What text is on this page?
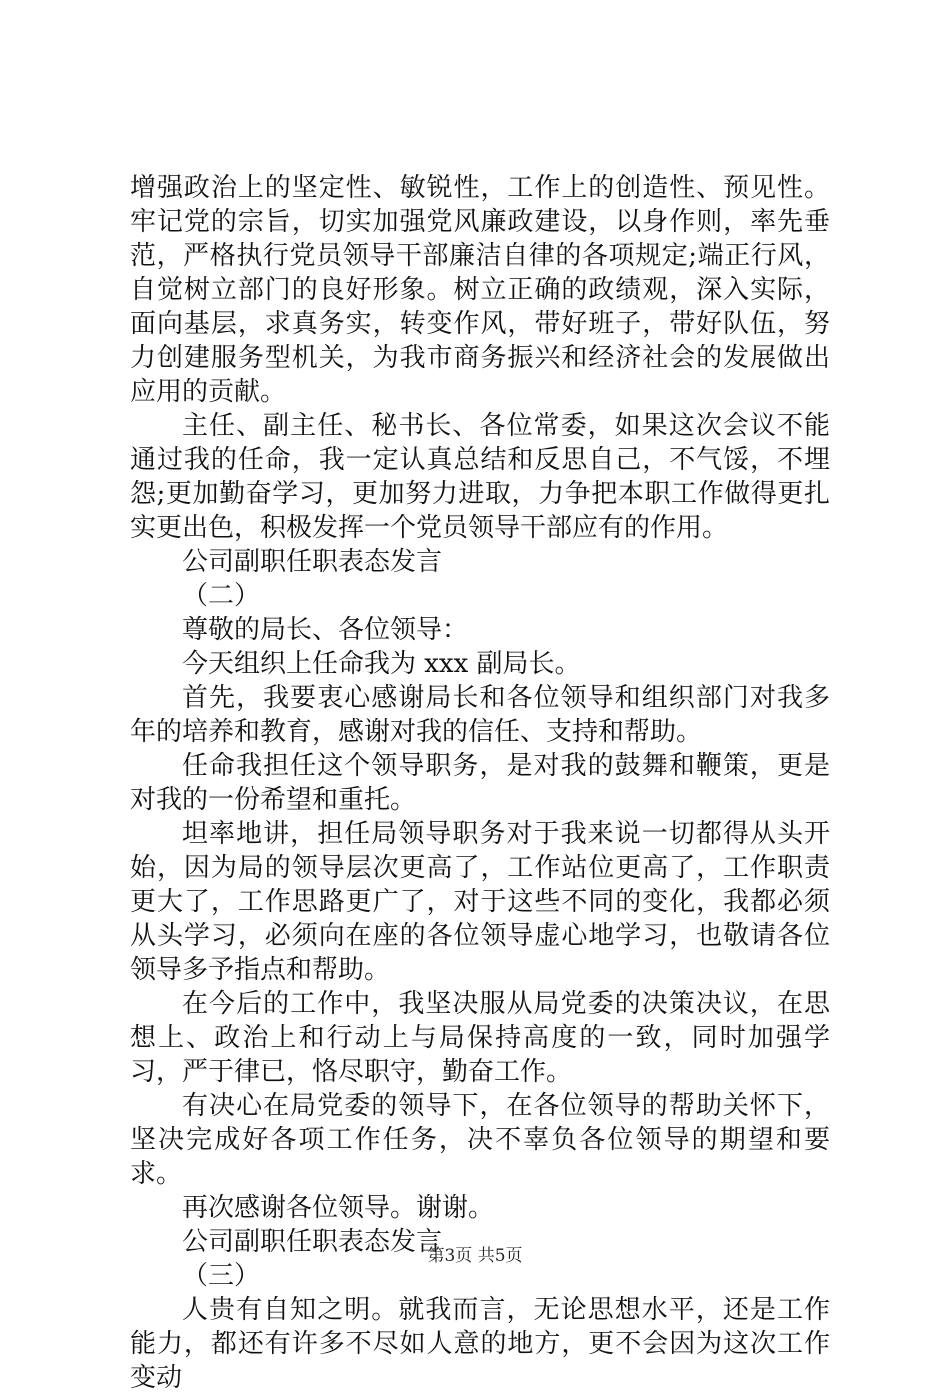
增强政治上的坚定性、敏锐性，工作上的创造性、预见性。牢记党的宗旨，切实加强党风廉政建设，以身作则，率先垂范，严格执行党员领导干部廉洁自律的各项规定;端正行风，自觉树立部门的良好形象。树立正确的政绩观，深入实际，面向基层，求真务实，转变作风，带好班子，带好队伍，努力创建服务型机关，为我市商务振兴和经济社会的发展做出应用的贡献。

主任、副主任、秘书长、各位常委，如果这次会议不能通过我的任命，我一定认真总结和反思自己，不气馁，不埋怨;更加勤奋学习，更加努力进取，力争把本职工作做得更扎实更出色，积极发挥一个党员领导干部应有的作用。

公司副职任职表态发言

（二）

尊敬的局长、各位领导：

今天组织上任命我为 xxx 副局长。

首先，我要衷心感谢局长和各位领导和组织部门对我多年的培养和教育，感谢对我的信任、支持和帮助。

任命我担任这个领导职务，是对我的鼓舞和鞭策，更是对我的一份希望和重托。

坦率地讲，担任局领导职务对于我来说一切都得从头开始，因为局的领导层次更高了，工作站位更高了，工作职责更大了，工作思路更广了，对于这些不同的变化，我都必须从头学习，必须向在座的各位领导虚心地学习，也敬请各位领导多予指点和帮助。

在今后的工作中，我坚决服从局党委的决策决议，在思想上、政治上和行动上与局保持高度的一致，同时加强学习，严于律已，恪尽职守，勤奋工作。

有决心在局党委的领导下，在各位领导的帮助关怀下，坚决完成好各项工作任务，决不辜负各位领导的期望和要求。

再次感谢各位领导。谢谢。

公司副职任职表态发言

（三）

人贵有自知之明。就我而言，无论思想水平，还是工作能力，都还有许多不尽如人意的地方，更不会因为这次工作变动

第3页 共5页
